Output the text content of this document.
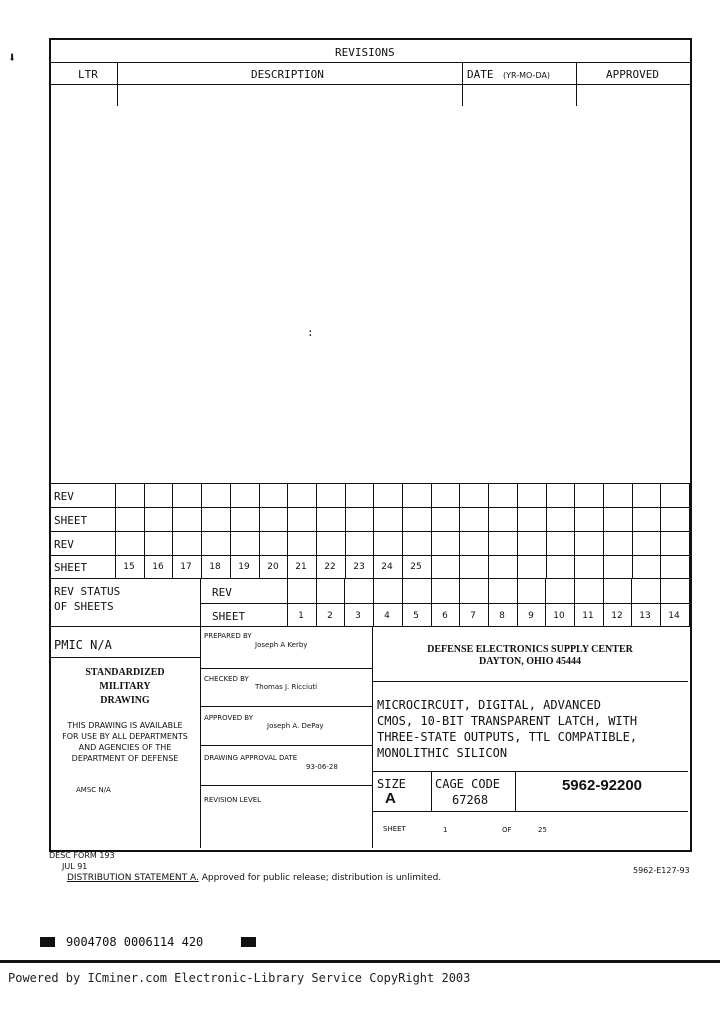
⬇	REVISIONS
LTR	DESCRIPTION	DATE (YR-MO-DA)	APPROVED
:
REV
SHEET
REV
SHEET	15	16	17	18	19	20	21	22	23	24	25
REV STATUS
OF SHEETS
REV
SHEET	1	2	3	4	5	6	7	8	9	10	11	12	13	14
PMIC N/A
STANDARDIZED
MILITARY
DRAWING
THIS DRAWING IS AVAILABLE
FOR USE BY ALL DEPARTMENTS
AND AGENCIES OF THE
DEPARTMENT OF DEFENSE
AMSC N/A
PREPARED BY
Joseph A Kerby
CHECKED BY
Thomas J. Ricciuti
APPROVED BY
Joseph A. DePay
DRAWING APPROVAL DATE
93-06-28
REVISION LEVEL
DEFENSE ELECTRONICS SUPPLY CENTER
DAYTON, OHIO 45444
MICROCIRCUIT, DIGITAL, ADVANCED
CMOS, 10-BIT TRANSPARENT LATCH, WITH
THREE-STATE OUTPUTS, TTL COMPATIBLE,
MONOLITHIC SILICON
SIZE
A
CAGE CODE
67268
5962-92200
SHEET	1	OF	25
DESC FORM 193
JUL 91	5962-E127-93
DISTRIBUTION STATEMENT A. Approved for public release; distribution is unlimited.
9004708 0006114 420
Powered by ICminer.com Electronic-Library Service CopyRight 2003
